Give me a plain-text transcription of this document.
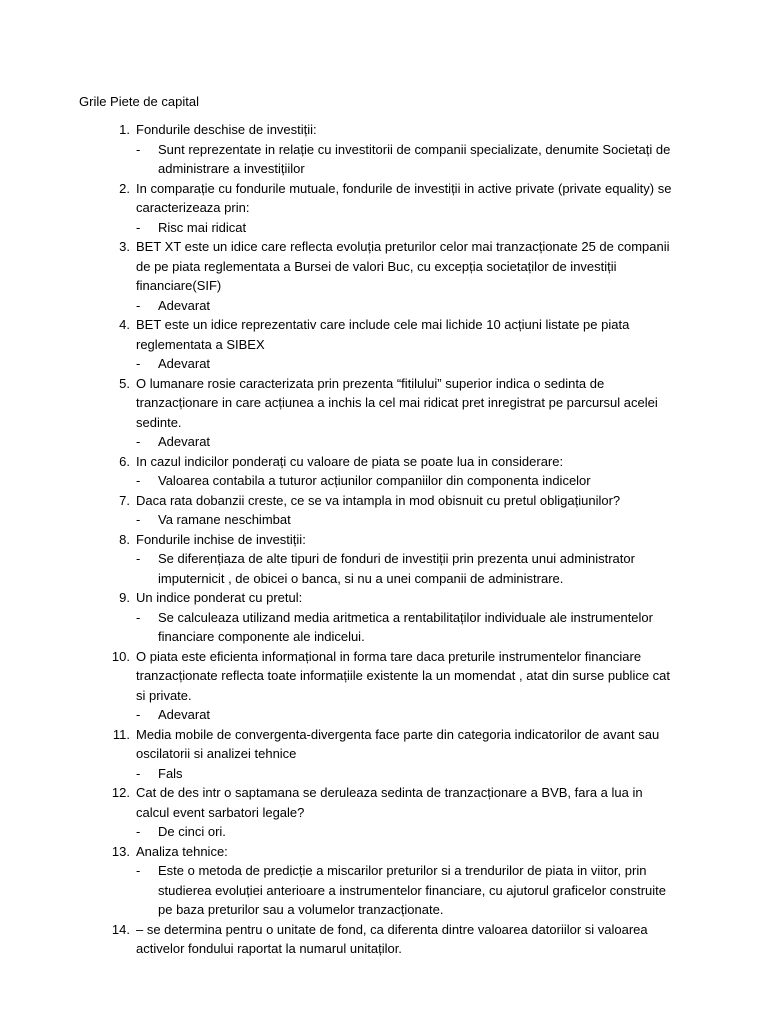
Grile Piete de capital
1. Fondurile deschise de investiții:
- Sunt reprezentate in relație cu investitorii de companii specializate, denumite Societați de administrare a investițiilor
2. In comparație cu fondurile mutuale, fondurile de investiții in active private (private equality) se caracterizeaza prin:
- Risc mai ridicat
3. BET XT este un idice care reflecta evoluția preturilor celor mai tranzacționate 25 de companii de pe piata reglementata a Bursei de valori Buc, cu excepția societaților de investiții financiare(SIF)
- Adevarat
4. BET este un idice reprezentativ care include cele mai lichide 10 acțiuni listate pe piata reglementata a SIBEX
- Adevarat
5. O lumanare rosie caracterizata prin prezenta “fitilului” superior indica o sedinta de tranzacționare in care acțiunea a inchis la cel mai ridicat pret inregistrat pe parcursul acelei sedinte.
- Adevarat
6. In cazul indicilor ponderați cu valoare de piata se poate lua in considerare:
- Valoarea contabila a tuturor acțiunilor companiilor din componenta indicelor
7. Daca rata dobanzii creste, ce se va intampla in mod obisnuit cu pretul obligațiunilor?
- Va ramane neschimbat
8. Fondurile inchise de investiții:
- Se diferențiaza de alte tipuri de fonduri de investiții prin prezenta unui administrator imputernicit , de obicei o banca, si nu a unei companii de administrare.
9. Un indice ponderat cu pretul:
- Se calculeaza utilizand media aritmetica a rentabilitaților individuale ale instrumentelor financiare componente ale indicelui.
10. O piata este eficienta informațional in forma tare daca preturile instrumentelor financiare tranzacționate reflecta toate informațiile existente la un momendat , atat din surse publice cat si private.
- Adevarat
11. Media mobile de convergenta-divergenta face parte din categoria indicatorilor de avant sau oscilatorii si analizei tehnice
- Fals
12. Cat de des intr o saptamana se deruleaza sedinta de tranzacționare a BVB, fara a lua in calcul event sarbatori legale?
- De cinci ori.
13. Analiza tehnice:
- Este o metoda de predicție a miscarilor preturilor si a trendurilor de piata in viitor, prin studierea evoluției anterioare a instrumentelor financiare, cu ajutorul graficelor construite pe baza preturilor sau a volumelor tranzacționate.
14. – se determina pentru o unitate de fond, ca diferenta dintre valoarea datoriilor si valoarea activelor fondului raportat la numarul unitaților.
